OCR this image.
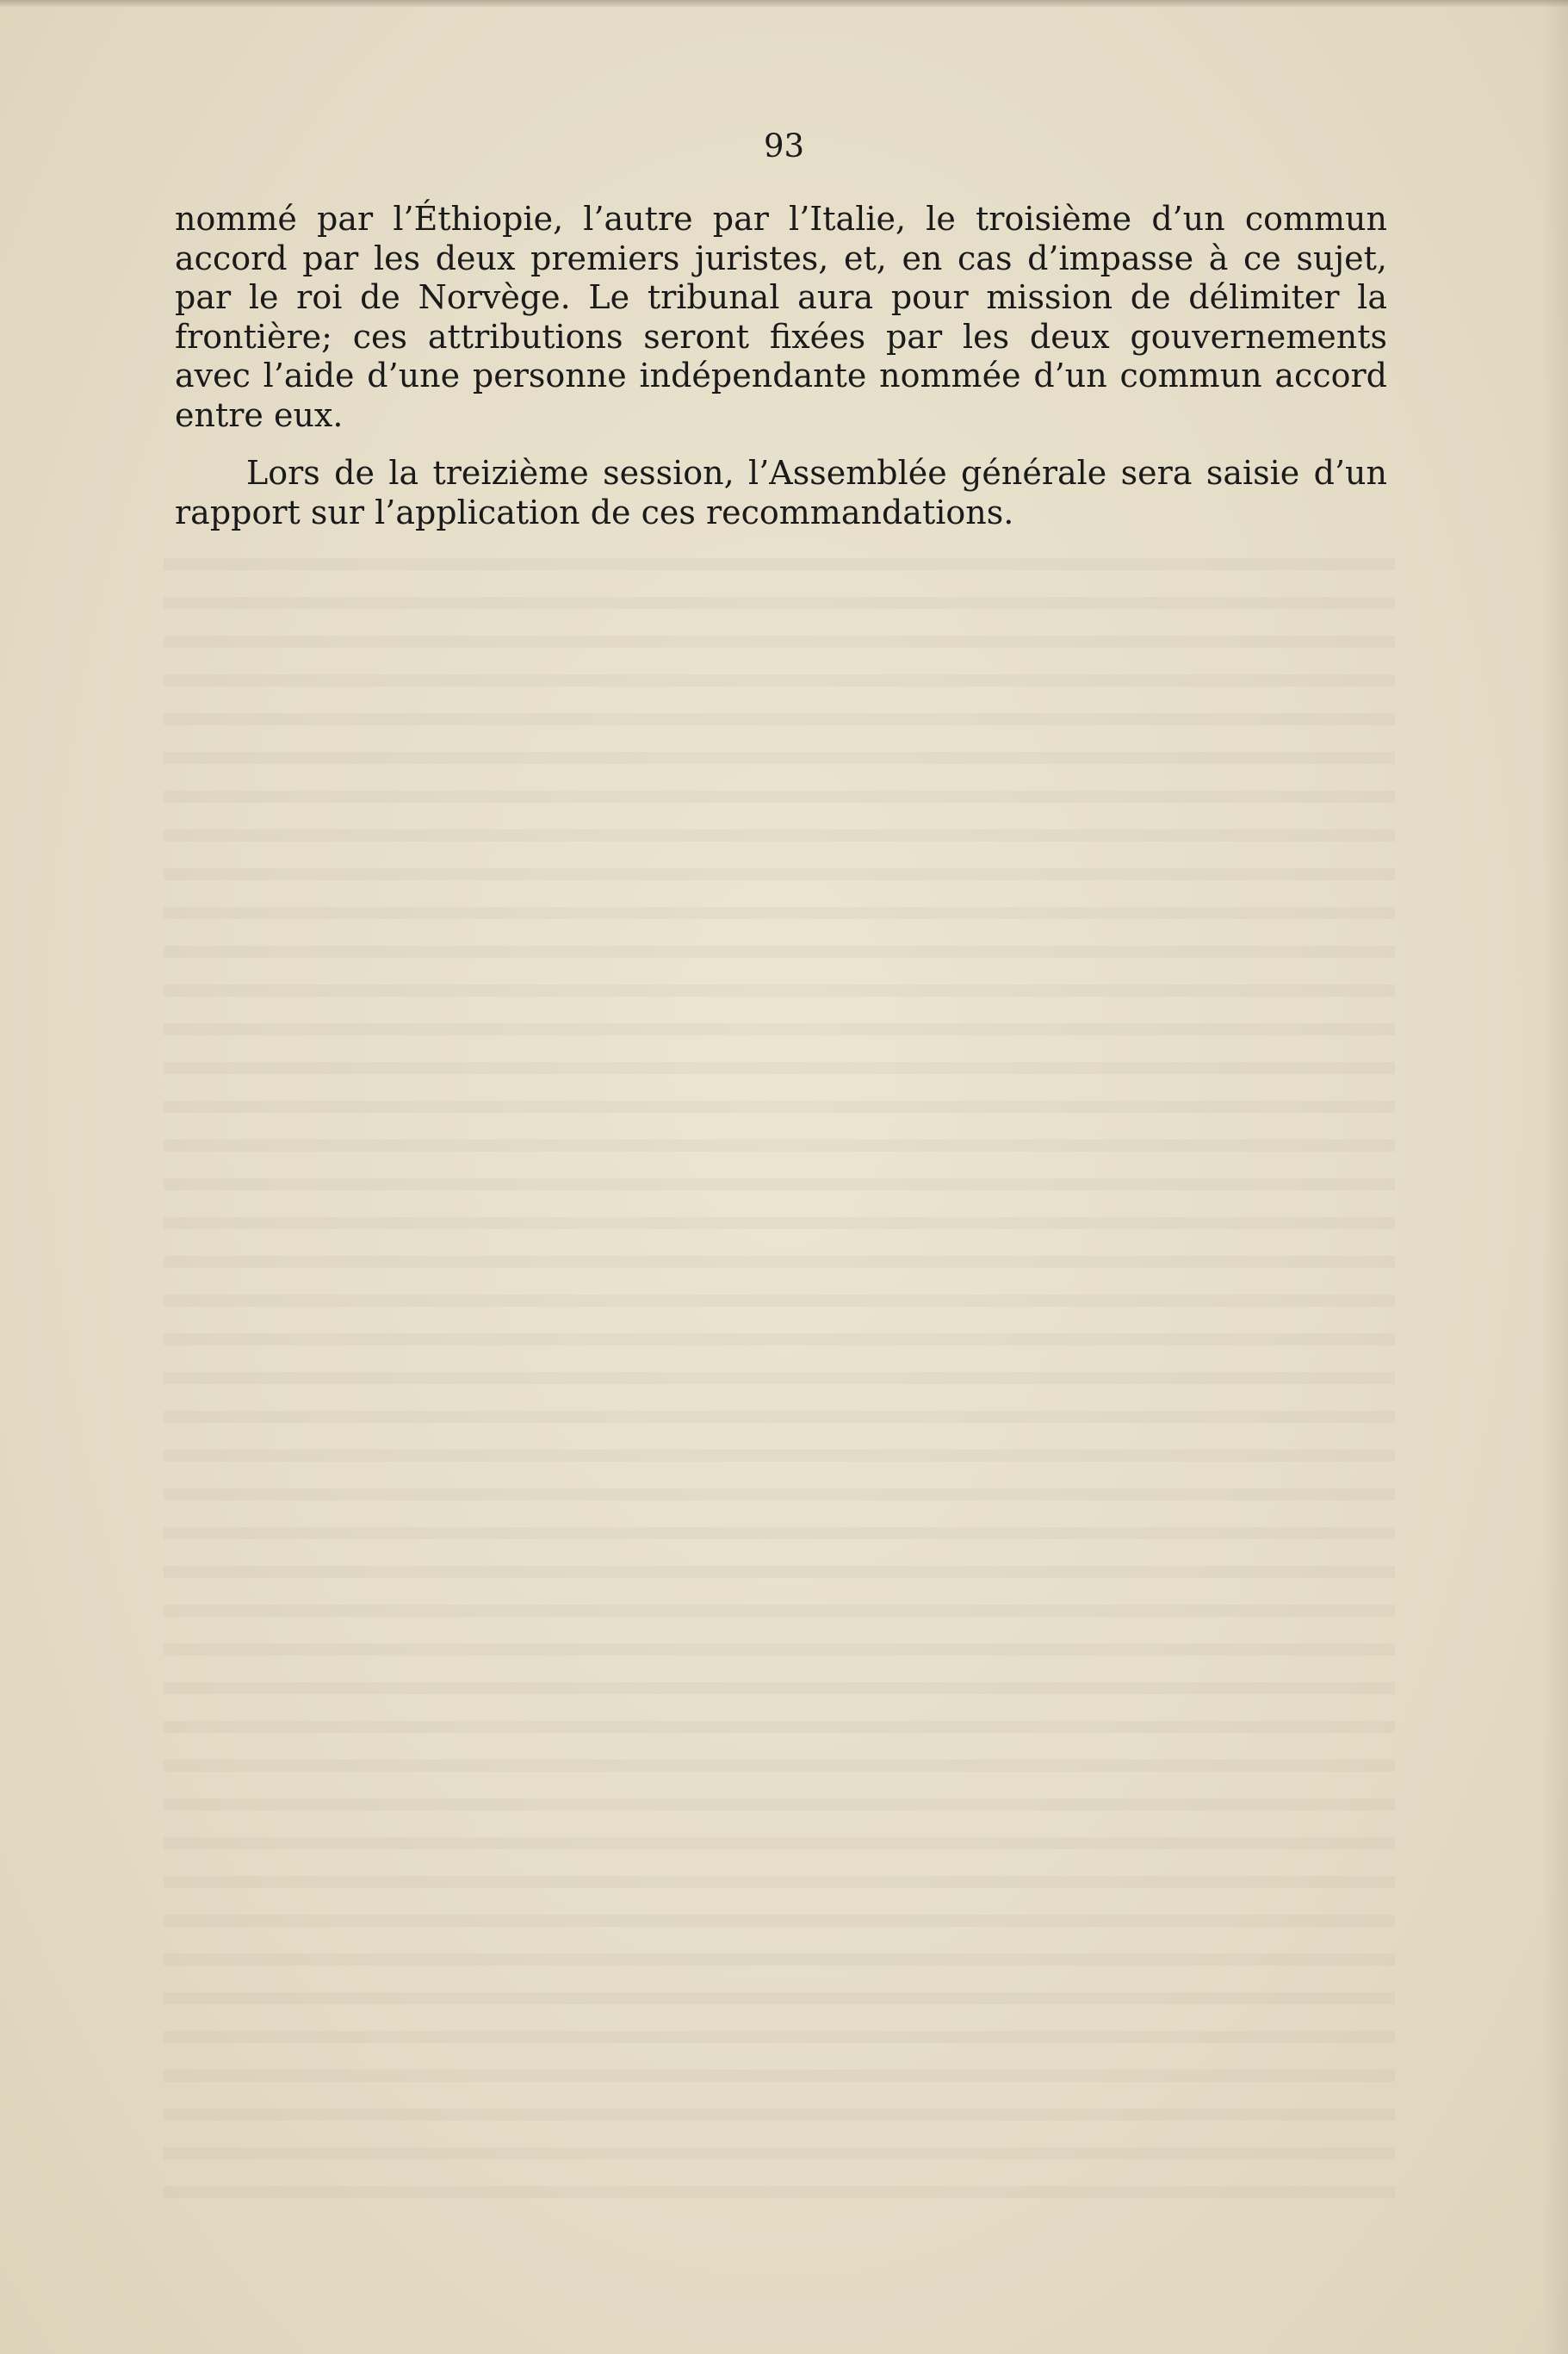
93

nommé par l’Éthiopie, l’autre par l’Italie, le troisième d’un commun accord par les deux premiers juristes, et, en cas d’impasse à ce sujet, par le roi de Norvège. Le tribunal aura pour mission de délimiter la frontière; ces attributions seront fixées par les deux gouvernements avec l’aide d’une personne indépendante nommée d’un commun accord entre eux.

Lors de la treizième session, l’Assemblée générale sera saisie d’un rapport sur l’application de ces recommandations.
